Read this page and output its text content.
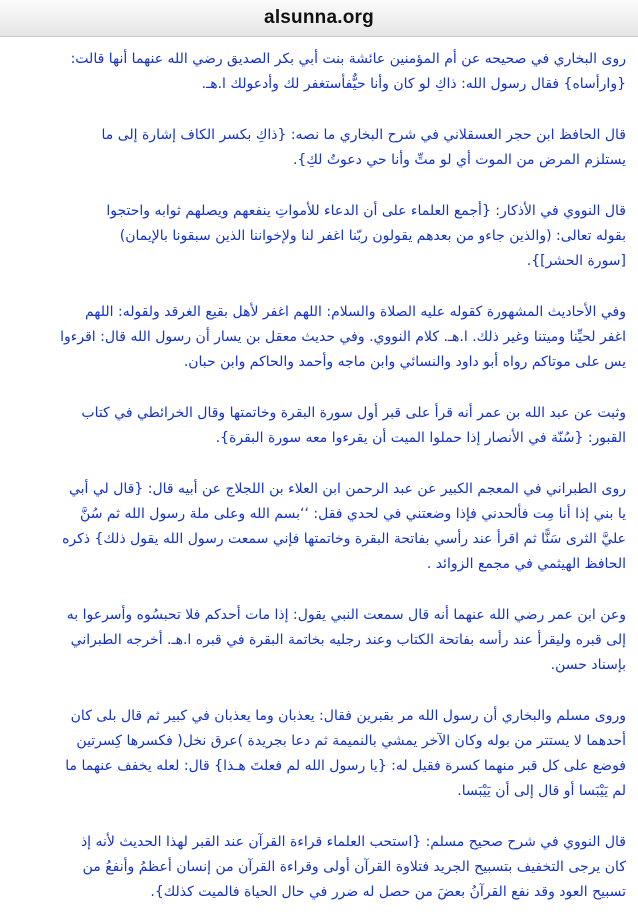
alsunna.org
روى البخاري في صحيحه عن أم المؤمنين عائشة بنت أبي بكر الصديق رضي الله عنهما أنها قالت:
{وارأساه} فقال رسول الله: ذاكِ لو كان وأنا حيٌّفأستغفر لك وأدعولك ا.هـ.
قال الحافظ ابن حجر العسقلاني في شرح البخاري ما نصه: {ذاكِ بكسر الكاف إشارة إلى ما
يستلزم المرض من الموت أي لو متِّ وأنا حي دعوتُ لكِ}.
قال النووي في الأذكار: {أجمع العلماء على أن الدعاء للأمواتِ ينفعهم ويصلهم ثوابه واحتجوا
بقوله تعالى: (والذين جاءو من بعدهم يقولون ربّنا اغفر لنا ولإخواننا الذين سبقونا بالإيمان)
[سورة الحشر]}.
وفي الأحاديث المشهورة كقوله عليه الصلاة والسلام: اللهم اغفر لأهل بقيع الغرقد ولقوله: اللهم
اغفر لحيِّنا وميتنا وغير ذلك. ا.هـ. كلام النووي. وفي حديث معقل بن يسار أن رسول الله قال: اقرءوا
يس على موتاكم رواه أبو داود والنسائي وابن ماجه وأحمد والحاكم وابن حبان.
وثبت عن عبد الله بن عمر أنه قرأ على قبر أول سورة البقرة وخاتمتها وقال الخرائطي في كتاب
القبور: {سُنّة في الأنصار إذا حملوا الميت أن يقرءوا معه سورة البقرة}.
روى الطبراني في المعجم الكبير عن عبد الرحمن ابن العلاء بن اللجلاج عن أبيه قال: {قال لي أبي
يا بني إذا أنا مِت فألحدني فإذا وضعتني في لحدي فقل: ‘‘بسم الله وعلى ملة رسول الله ثم سُنَّ
عليَّ الثرى سَنًّا ثم اقرأ عند رأسي بفاتحة البقرة وخاتمتها فإني سمعت رسول الله يقول ذلك} ذكره
الحافظ الهيثمي في مجمع الزوائد .
وعن ابن عمر رضي الله عنهما أنه قال سمعت النبي يقول: إذا مات أحدكم فلا تحبسُوه وأسرعوا به
إلى قبره وليقرأ عند رأسه بفاتحة الكتاب وعند رجليه بخاتمة البقرة في قبره ا.هـ. أخرجه الطبراني
بإسناد حسن.
وروى مسلم والبخاري أن رسول الله مر بقبرين فقال: يعذبان وما يعذبان في كبير ثم قال بلى كان
أحدهما لا يستتر من بوله وكان الآخر يمشي بالنميمة ثم دعا بجريدة )عرق نخل( فكسرها كِسرتين
فوضع على كل قبر منهما كسرة فقيل له: {يا رسول الله لم فعلتَ هـذا} قال: لعله يخفف عنهما ما
لم يَيْبَسا أو قال إلى أن يَيْبَسا.
قال النووي في شرح صحيح مسلم: {استحب العلماء قراءة القرآن عند القبر لهذا الحديث لأنه إذ
كان يرجى التخفيف بتسبيح الجريد فتلاوة القرآن أولى وقراءة القرآن من إنسان أعظمُ وأنفعُ من
تسبيح العود وقد نفع القرآنُ بعضَ من حصل له ضرر في حال الحياة فالميت كذلك}.
